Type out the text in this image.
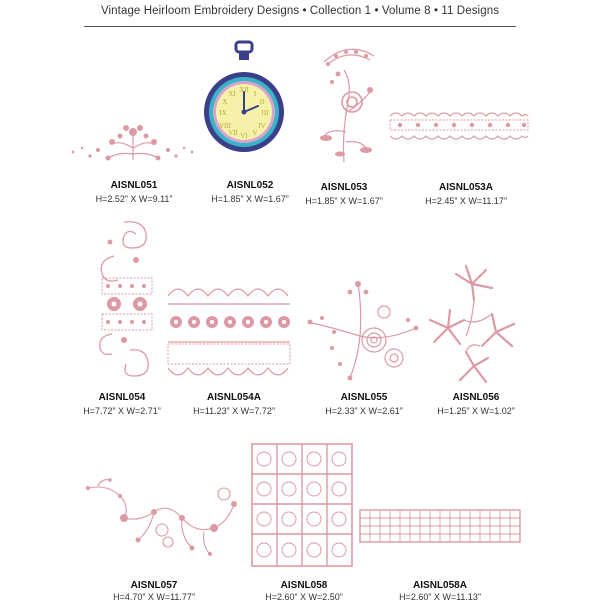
Vintage Heirloom Embroidery Designs • Collection 1 • Volume 8 • 11 Designs
AISNL051
H=2.52” X W=9.11”
XII
III
VI
IX
I
II
IV
V
VII
VIII
X
XI
AISNL052
H=1.85” X W=1.67”
AISNL053
H=1.85” X W=1.67”
AISNL053A
H=2.45” X W=11.17”
AISNL054
H=7.72” X W=2.71”
AISNL054A
H=11.23” X W=7.72”
AISNL055
H=2.33” X W=2.61”
AISNL056
H=1.25” X W=1.02”
AISNL057
H=4.70” X W=11.77”
AISNL058
H=2.60” X W=2.50”
AISNL058A
H=2.60” X W=11.13”
